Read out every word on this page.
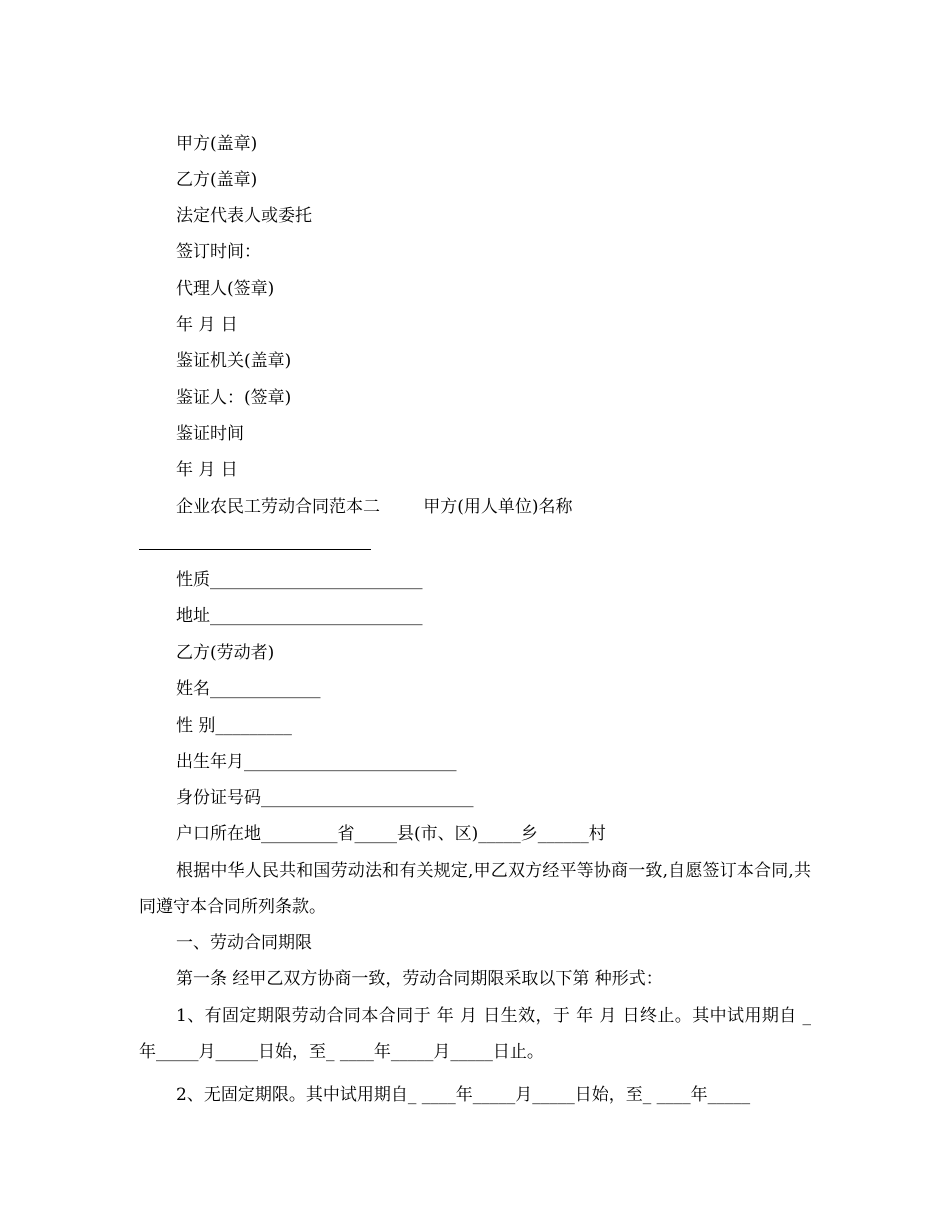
甲方(盖章)
乙方(盖章)
法定代表人或委托
签订时间：
代理人(签章)
年 月 日
鉴证机关(盖章)
鉴证人：(签章)
鉴证时间
年 月 日
企业农民工劳动合同范本二        甲方(用人单位)名称
性质_________________________
地址_________________________
乙方(劳动者)
姓名_____________
性 别_________
出生年月_________________________
身份证号码_________________________
户口所在地_________省_____县(市、区)_____乡______村
根据中华人民共和国劳动法和有关规定,甲乙双方经平等协商一致,自愿签订本合同,共同遵守本合同所列条款。
一、劳动合同期限
第一条 经甲乙双方协商一致，劳动合同期限采取以下第 种形式：
1、有固定期限劳动合同本合同于 年 月 日生效，于 年 月 日终止。其中试用期自 _年_____月_____日始，至_ ____年_____月_____日止。
2、无固定期限。其中试用期自_ ____年_____月_____日始，至_ ____年_____
